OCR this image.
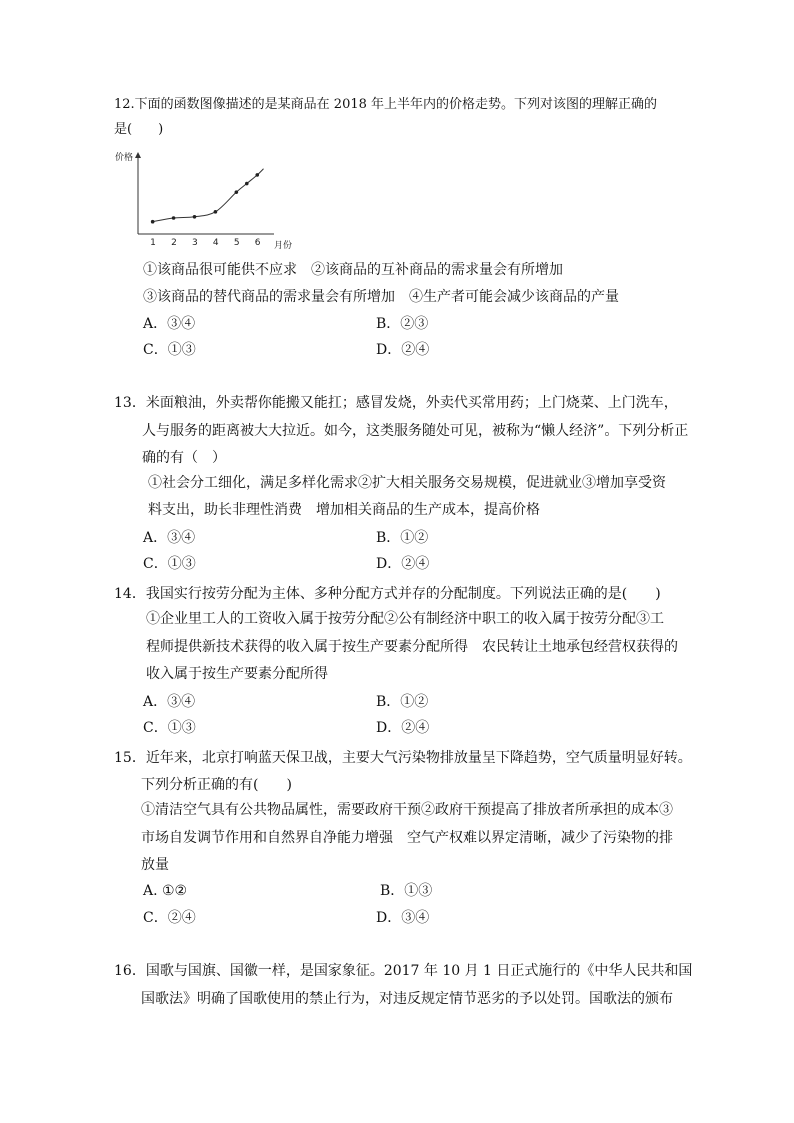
12.下面的函数图像描述的是某商品在 2018 年上半年内的价格走势。下列对该图的理解正确的
是(　　)
价格
月份
1 2 3 4 5 6
①该商品很可能供不应求　②该商品的互补商品的需求量会有所增加
③该商品的替代商品的需求量会有所增加　④生产者可能会减少该商品的产量
A．③④	B．②③
C．①③	D．②④
13．米面粮油，外卖帮你能搬又能扛；感冒发烧，外卖代买常用药；上门烧菜、上门洗车，
人与服务的距离被大大拉近。如今，这类服务随处可见，被称为“懒人经济”。下列分析正
确的有（　）
①社会分工细化，满足多样化需求②扩大相关服务交易规模，促进就业③增加享受资
料支出，助长非理性消费　增加相关商品的生产成本，提高价格
A．③④	B．①②
C．①③	D．②④
14．我国实行按劳分配为主体、多种分配方式并存的分配制度。下列说法正确的是(　　)
①企业里工人的工资收入属于按劳分配②公有制经济中职工的收入属于按劳分配③工
程师提供新技术获得的收入属于按生产要素分配所得　农民转让土地承包经营权获得的
收入属于按生产要素分配所得
A．③④	B．①②
C．①③	D．②④
15．近年来，北京打响蓝天保卫战，主要大气污染物排放量呈下降趋势，空气质量明显好转。
下列分析正确的有(　　)
①清洁空气具有公共物品属性，需要政府干预②政府干预提高了排放者所承担的成本③
市场自发调节作用和自然界自净能力增强　空气产权难以界定清晰，减少了污染物的排
放量
A. ①②	B．①③
C．②④	D．③④
16．国歌与国旗、国徽一样，是国家象征。2017 年 10 月 1 日正式施行的《中华人民共和国
国歌法》明确了国歌使用的禁止行为，对违反规定情节恶劣的予以处罚。国歌法的颁布
